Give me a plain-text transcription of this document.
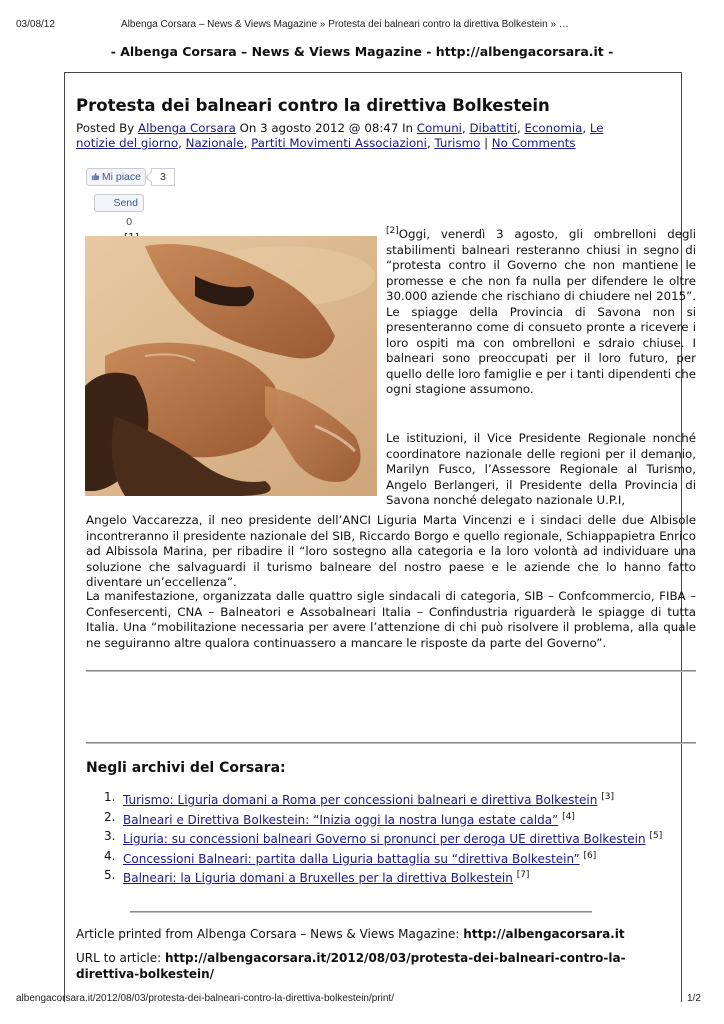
03/08/12	Albenga Corsara – News & Views Magazine » Protesta dei balneari contro la direttiva Bolkestein » …
- Albenga Corsara – News & Views Magazine - http://albengacorsara.it -
Protesta dei balneari contro la direttiva Bolkestein
Posted By Albenga Corsara On 3 agosto 2012 @ 08:47 In Comuni, Dibattiti, Economia, Le notizie del giorno, Nazionale, Partiti Movimenti Associazioni, Turismo | No Comments
Mi piace	3
Send
0
[2]Oggi, venerdì 3 agosto, gli ombrelloni degli stabilimenti balneari resteranno chiusi in segno di “protesta contro il Governo che non mantiene le promesse e che non fa nulla per difendere le oltre 30.000 aziende che rischiano di chiudere nel 2015”. Le spiagge della Provincia di Savona non si presenteranno come di consueto pronte a ricevere i loro ospiti ma con ombrelloni e sdraio chiuse. I balneari sono preoccupati per il loro futuro, per quello delle loro famiglie e per i tanti dipendenti che ogni stagione assumono.
Le istituzioni, il Vice Presidente Regionale nonché coordinatore nazionale delle regioni per il demanio, Marilyn Fusco, l’Assessore Regionale al Turismo, Angelo Berlangeri, il Presidente della Provincia di Savona nonché delegato nazionale U.P.I,
Angelo Vaccarezza, il neo presidente dell’ANCI Liguria Marta Vincenzi e i sindaci delle due Albisole incontreranno il presidente nazionale del SIB, Riccardo Borgo e quello regionale, Schiappapietra Enrico ad Albissola Marina, per ribadire il “loro sostegno alla categoria e la loro volontà ad individuare una soluzione che salvaguardi il turismo balneare del nostro paese e le aziende che lo hanno fatto diventare un’eccellenza”.
La manifestazione, organizzata dalle quattro sigle sindacali di categoria, SIB – Confcommercio, FIBA – Confesercenti, CNA – Balneatori e Assobalneari Italia – Confindustria riguarderà le spiagge di tutta Italia. Una “mobilitazione necessaria per avere l’attenzione di chi può risolvere il problema, alla quale ne seguiranno altre qualora continuassero a mancare le risposte da parte del Governo”.
Negli archivi del Corsara:
1. Turismo: Liguria domani a Roma per concessioni balneari e direttiva Bolkestein [3]
2. Balneari e Direttiva Bolkestein: “Inizia oggi la nostra lunga estate calda” [4]
3. Liguria: su concessioni balneari Governo si pronunci per deroga UE direttiva Bolkestein [5]
4. Concessioni Balneari: partita dalla Liguria battaglia su “direttiva Bolkestein” [6]
5. Balneari: la Liguria domani a Bruxelles per la direttiva Bolkestein [7]
Article printed from Albenga Corsara – News & Views Magazine: http://albengacorsara.it
URL to article: http://albengacorsara.it/2012/08/03/protesta-dei-balneari-contro-la-direttiva-bolkestein/
albengacorsara.it/2012/08/03/protesta-dei-balneari-contro-la-direttiva-bolkestein/print/	1/2
